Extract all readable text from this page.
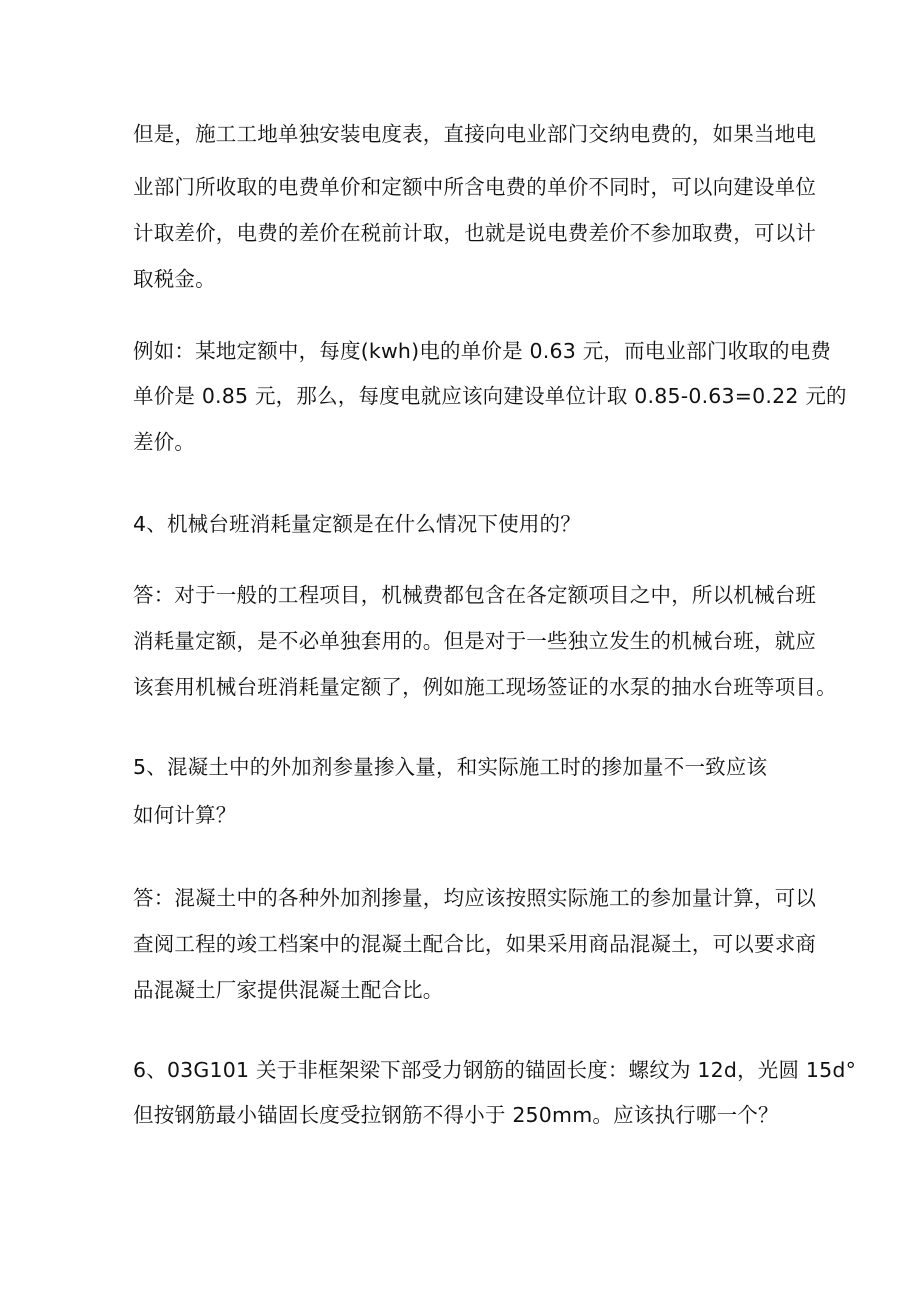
但是，施工工地单独安装电度表，直接向电业部门交纳电费的，如果当地电
业部门所收取的电费单价和定额中所含电费的单价不同时，可以向建设单位
计取差价，电费的差价在税前计取，也就是说电费差价不参加取费，可以计
取税金。
例如：某地定额中，每度(kwh)电的单价是 0.63 元，而电业部门收取的电费
单价是 0.85 元，那么，每度电就应该向建设单位计取 0.85-0.63=0.22 元的
差价。
4、机械台班消耗量定额是在什么情况下使用的？
答：对于一般的工程项目，机械费都包含在各定额项目之中，所以机械台班
消耗量定额，是不必单独套用的。但是对于一些独立发生的机械台班，就应
该套用机械台班消耗量定额了，例如施工现场签证的水泵的抽水台班等项目。
5、混凝土中的外加剂参量掺入量，和实际施工时的掺加量不一致应该
如何计算？
答：混凝土中的各种外加剂掺量，均应该按照实际施工的参加量计算，可以
查阅工程的竣工档案中的混凝土配合比，如果采用商品混凝土，可以要求商
品混凝土厂家提供混凝土配合比。
6、03G101 关于非框架梁下部受力钢筋的锚固长度：螺纹为 12d，光圆 15d°
但按钢筋最小锚固长度受拉钢筋不得小于 250mm。应该执行哪一个？
